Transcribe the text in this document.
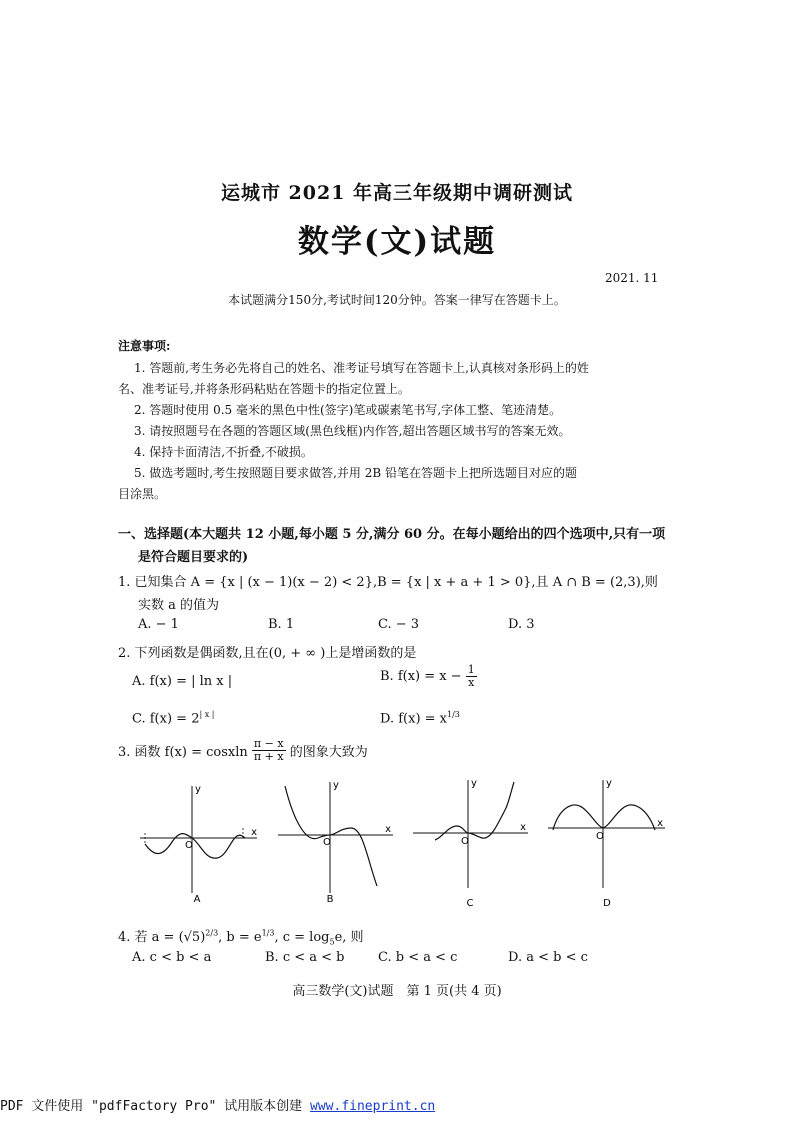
运城市 2021 年高三年级期中调研测试
数学(文)试题
2021. 11
本试题满分150分,考试时间120分钟。答案一律写在答题卡上。
注意事项:
1. 答题前,考生务必先将自己的姓名、准考证号填写在答题卡上,认真核对条形码上的姓
名、准考证号,并将条形码粘贴在答题卡的指定位置上。
2. 答题时使用 0.5 毫米的黑色中性(签字)笔或碳素笔书写,字体工整、笔迹清楚。
3. 请按照题号在各题的答题区域(黑色线框)内作答,超出答题区域书写的答案无效。
4. 保持卡面清洁,不折叠,不破损。
5. 做选考题时,考生按照题目要求做答,并用 2B 铅笔在答题卡上把所选题目对应的题
目涂黑。
一、选择题(本大题共 12 小题,每小题 5 分,满分 60 分。在每小题给出的四个选项中,只有一项
是符合题目要求的)
1. 已知集合 A = {x | (x − 1)(x − 2) < 2},B = {x | x + a + 1 > 0},且 A ∩ B = (2,3),则
实数 a 的值为
A. − 1	B. 1	C. − 3	D. 3
2. 下列函数是偶函数,且在(0, + ∞ )上是增函数的是
A. f(x) = | ln x |	B. $f(x) = x - \frac{1}{x}$
C. $f(x) = 2^{| x |}$	D. $f(x) = x^{1/3}$
3. 函数 f(x) = cosxln $\frac{\pi - x}{\pi + x}$ 的图象大致为
x
y
O
A
x
y
O
B
x
y
O
C
x
y
O
D
4. 若 $a = (√5)^{2/3}$, $b = e^{1/3}$, $c = \log_5e$, 则
A. c < b < a	B. c < a < b	C. b < a < c	D. a < b < c
高三数学(文)试题　第 1 页(共 4 页)
PDF 文件使用 "pdfFactory Pro" 试用版本创建 www.fineprint.cn
